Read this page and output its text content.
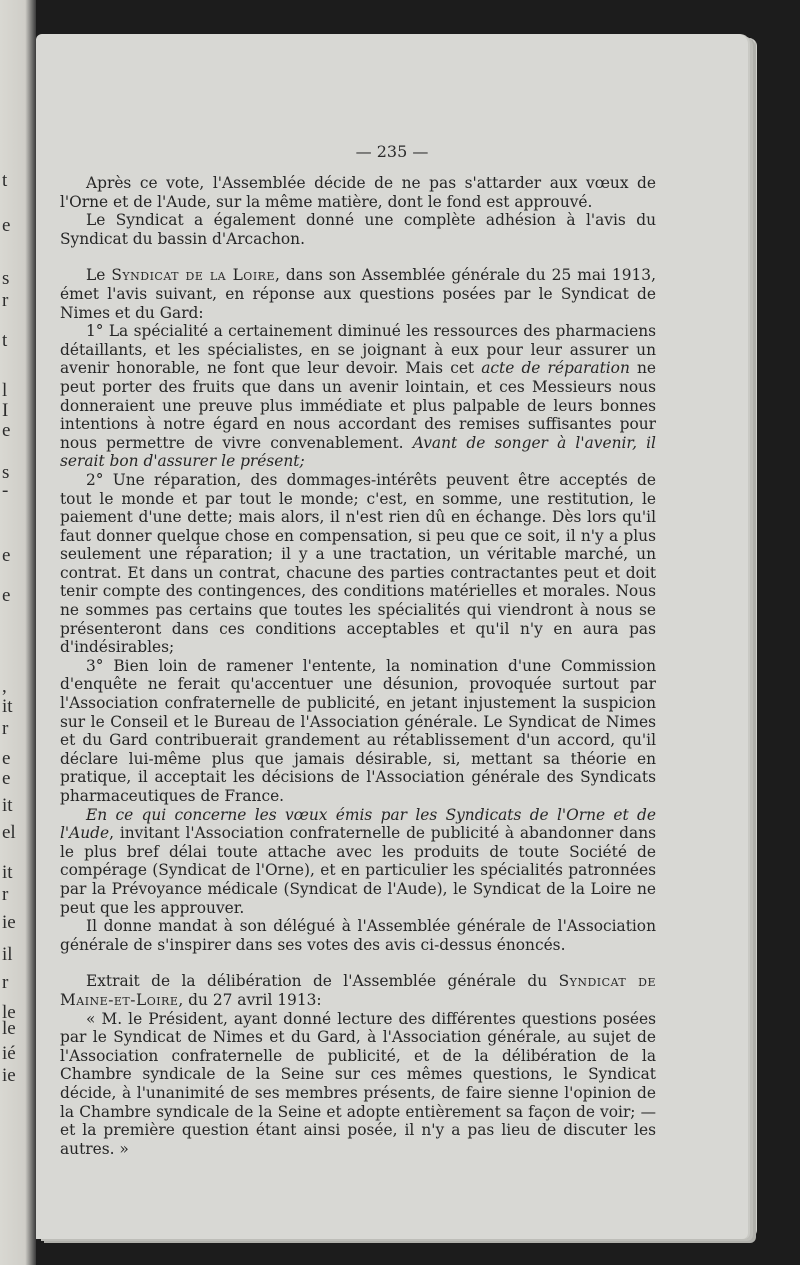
t
e
s
r
t
l
I
e
s
-
e
e
,
it
r
e
e
it
el
it
r
ie
il
r
le
le
ié
ie
— 235 —

Après ce vote, l'Assemblée décide de ne pas s'attarder aux vœux de l'Orne et de l'Aude, sur la même matière, dont le fond est approuvé.

Le Syndicat a également donné une complète adhésion à l'avis du Syndicat du bassin d'Arcachon.

Le Syndicat de la Loire, dans son Assemblée générale du 25 mai 1913, émet l'avis suivant, en réponse aux questions posées par le Syndicat de Nimes et du Gard:

1° La spécialité a certainement diminué les ressources des pharmaciens détaillants, et les spécialistes, en se joignant à eux pour leur assurer un avenir honorable, ne font que leur devoir. Mais cet acte de réparation ne peut porter des fruits que dans un avenir lointain, et ces Messieurs nous donneraient une preuve plus immédiate et plus palpable de leurs bonnes intentions à notre égard en nous accordant des remises suffisantes pour nous permettre de vivre convenablement. Avant de songer à l'avenir, il serait bon d'assurer le présent;

2° Une réparation, des dommages-intérêts peuvent être acceptés de tout le monde et par tout le monde; c'est, en somme, une restitution, le paiement d'une dette; mais alors, il n'est rien dû en échange. Dès lors qu'il faut donner quelque chose en compensation, si peu que ce soit, il n'y a plus seulement une réparation; il y a une tractation, un véritable marché, un contrat. Et dans un contrat, chacune des parties contractantes peut et doit tenir compte des contingences, des conditions matérielles et morales. Nous ne sommes pas certains que toutes les spécialités qui viendront à nous se présenteront dans ces conditions acceptables et qu'il n'y en aura pas d'indésirables;

3° Bien loin de ramener l'entente, la nomination d'une Commission d'enquête ne ferait qu'accentuer une désunion, provoquée surtout par l'Association confraternelle de publicité, en jetant injustement la suspicion sur le Conseil et le Bureau de l'Association générale. Le Syndicat de Nimes et du Gard contribuerait grandement au rétablissement d'un accord, qu'il déclare lui-même plus que jamais désirable, si, mettant sa théorie en pratique, il acceptait les décisions de l'Association générale des Syndicats pharmaceutiques de France.

En ce qui concerne les vœux émis par les Syndicats de l'Orne et de l'Aude, invitant l'Association confraternelle de publicité à abandonner dans le plus bref délai toute attache avec les produits de toute Société de compérage (Syndicat de l'Orne), et en particulier les spécialités patronnées par la Prévoyance médicale (Syndicat de l'Aude), le Syndicat de la Loire ne peut que les approuver.

Il donne mandat à son délégué à l'Assemblée générale de l'Association générale de s'inspirer dans ses votes des avis ci-dessus énoncés.

Extrait de la délibération de l'Assemblée générale du Syndicat de Maine-et-Loire, du 27 avril 1913:

« M. le Président, ayant donné lecture des différentes questions posées par le Syndicat de Nimes et du Gard, à l'Association générale, au sujet de l'Association confraternelle de publicité, et de la délibération de la Chambre syndicale de la Seine sur ces mêmes questions, le Syndicat décide, à l'unanimité de ses membres présents, de faire sienne l'opinion de la Chambre syndicale de la Seine et adopte entièrement sa façon de voir; — et la première question étant ainsi posée, il n'y a pas lieu de discuter les autres. »
